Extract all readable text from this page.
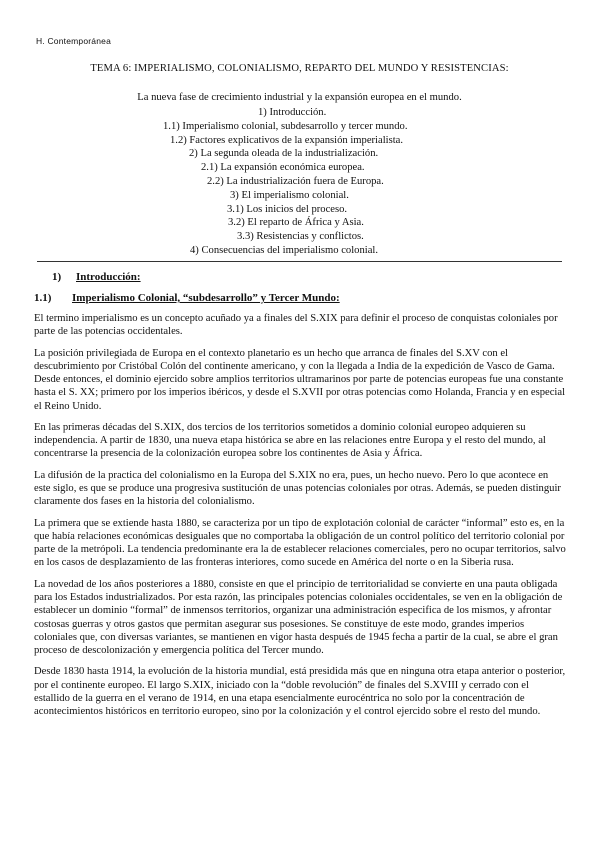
H. Contemporánea
TEMA 6: IMPERIALISMO, COLONIALISMO, REPARTO DEL MUNDO Y RESISTENCIAS:
La nueva fase de crecimiento industrial y la expansión europea en el mundo.
1) Introducción.
1.1) Imperialismo colonial, subdesarrollo y tercer mundo.
1.2) Factores explicativos de la expansión imperialista.
2) La segunda oleada de la industrialización.
2.1) La expansión económica europea.
2.2) La industrialización fuera de Europa.
3) El imperialismo colonial.
3.1) Los inicios del proceso.
3.2) El reparto de África y Asia.
3.3) Resistencias y conflictos.
4) Consecuencias del imperialismo colonial.
1) Introducción:
1.1) Imperialismo Colonial, “subdesarrollo” y Tercer Mundo:

El termino imperialismo es un concepto acuñado ya a finales del S.XIX para definir el proceso de conquistas coloniales por parte de las potencias occidentales.

La posición privilegiada de Europa en el contexto planetario es un hecho que arranca de finales del S.XV con el descubrimiento por Cristóbal Colón del continente americano, y con la llegada a India de la expedición de Vasco de Gama. Desde entonces, el dominio ejercido sobre amplios territorios ultramarinos por parte de potencias europeas fue una constante hasta el S. XX; primero por los imperios ibéricos, y desde el S.XVII por otras potencias como Holanda, Francia y en especial el Reino Unido.

En las primeras décadas del S.XIX, dos tercios de los territorios sometidos a dominio colonial europeo adquieren su independencia. A partir de 1830, una nueva etapa histórica se abre en las relaciones entre Europa y el resto del mundo, al concentrarse la presencia de la colonización europea sobre los continentes de Asia y África.

La difusión de la practica del colonialismo en la Europa del S.XIX no era, pues, un hecho nuevo. Pero lo que acontece en este siglo, es que se produce una progresiva sustitución de unas potencias coloniales por otras. Además, se pueden distinguir claramente dos fases en la historia del colonialismo.

La primera que se extiende hasta 1880, se caracteriza por un tipo de explotación colonial de carácter “informal” esto es, en la que había relaciones económicas desiguales que no comportaba la obligación de un control político del territorio colonial por parte de la metrópoli. La tendencia predominante era la de establecer relaciones comerciales, pero no ocupar territorios, salvo en los casos de desplazamiento de las fronteras interiores, como sucede en América del norte o en la Siberia rusa.

La novedad de los años posteriores a 1880, consiste en que el principio de territorialidad se convierte en una pauta obligada para los Estados industrializados. Por esta razón, las principales potencias coloniales occidentales, se ven en la obligación de establecer un dominio “formal” de inmensos territorios, organizar una administración especifica de los mismos, y afrontar costosas guerras y otros gastos que permitan asegurar sus posesiones. Se constituye de este modo, grandes imperios coloniales que, con diversas variantes, se mantienen en vigor hasta después de 1945 fecha a partir de la cual, se abre el gran proceso de descolonización y emergencia política del Tercer mundo.

Desde 1830 hasta 1914, la evolución de la historia mundial, está presidida más que en ninguna otra etapa anterior o posterior, por el continente europeo. El largo S.XIX, iniciado con la “doble revolución” de finales del S.XVIII y cerrado con el estallido de la guerra en el verano de 1914, en una etapa esencialmente eurocéntrica no solo por la concentración de acontecimientos históricos en territorio europeo, sino por la colonización y el control ejercido sobre el resto del mundo.
